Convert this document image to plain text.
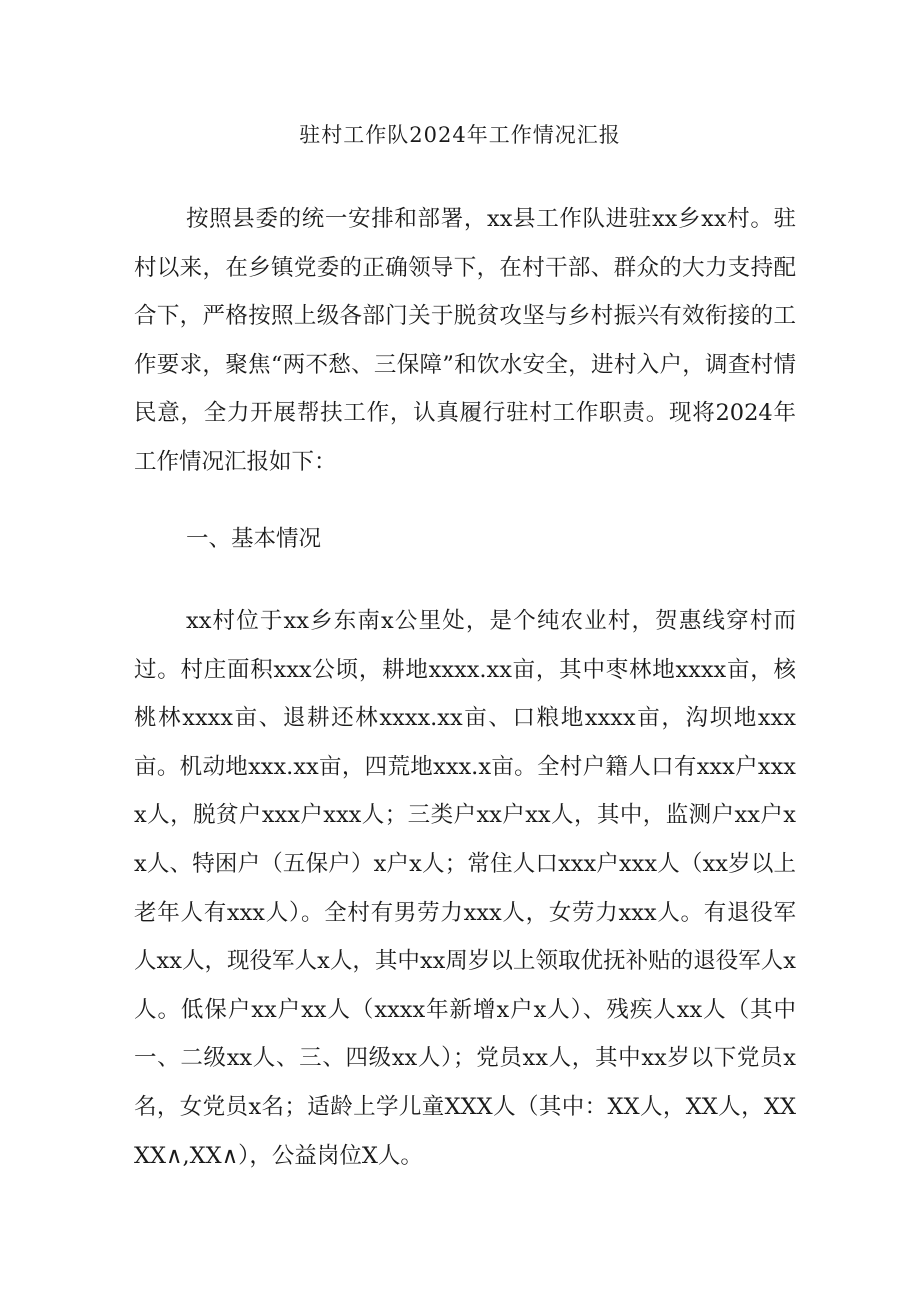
驻村工作队2024年工作情况汇报

按照县委的统一安排和部署，xx县工作队进驻xx乡xx村。驻村以来，在乡镇党委的正确领导下，在村干部、群众的大力支持配合下，严格按照上级各部门关于脱贫攻坚与乡村振兴有效衔接的工作要求，聚焦“两不愁、三保障”和饮水安全，进村入户，调查村情民意，全力开展帮扶工作，认真履行驻村工作职责。现将2024年工作情况汇报如下：

一、基本情况

xx村位于xx乡东南x公里处，是个纯农业村，贺惠线穿村而过。村庄面积xxx公顷，耕地xxxx.xx亩，其中枣林地xxxx亩，核桃林xxxx亩、退耕还林xxxx.xx亩、口粮地xxxx亩，沟坝地xxx亩。机动地xxx.xx亩，四荒地xxx.x亩。全村户籍人口有xxx户xxxx人，脱贫户xxx户xxx人；三类户xx户xx人，其中，监测户xx户xx人、特困户（五保户）x户x人；常住人口xxx户xxx人（xx岁以上老年人有xxx人）。全村有男劳力xxx人，女劳力xxx人。有退役军人xx人，现役军人x人，其中xx周岁以上领取优抚补贴的退役军人x人。低保户xx户xx人（xxxx年新增x户x人）、残疾人xx人（其中一、二级xx人、三、四级xx人）；党员xx人，其中xx岁以下党员x名，女党员x名；适龄上学儿童XXX人（其中：XX人，XX人，XXXX∧,XX∧），公益岗位X人。
